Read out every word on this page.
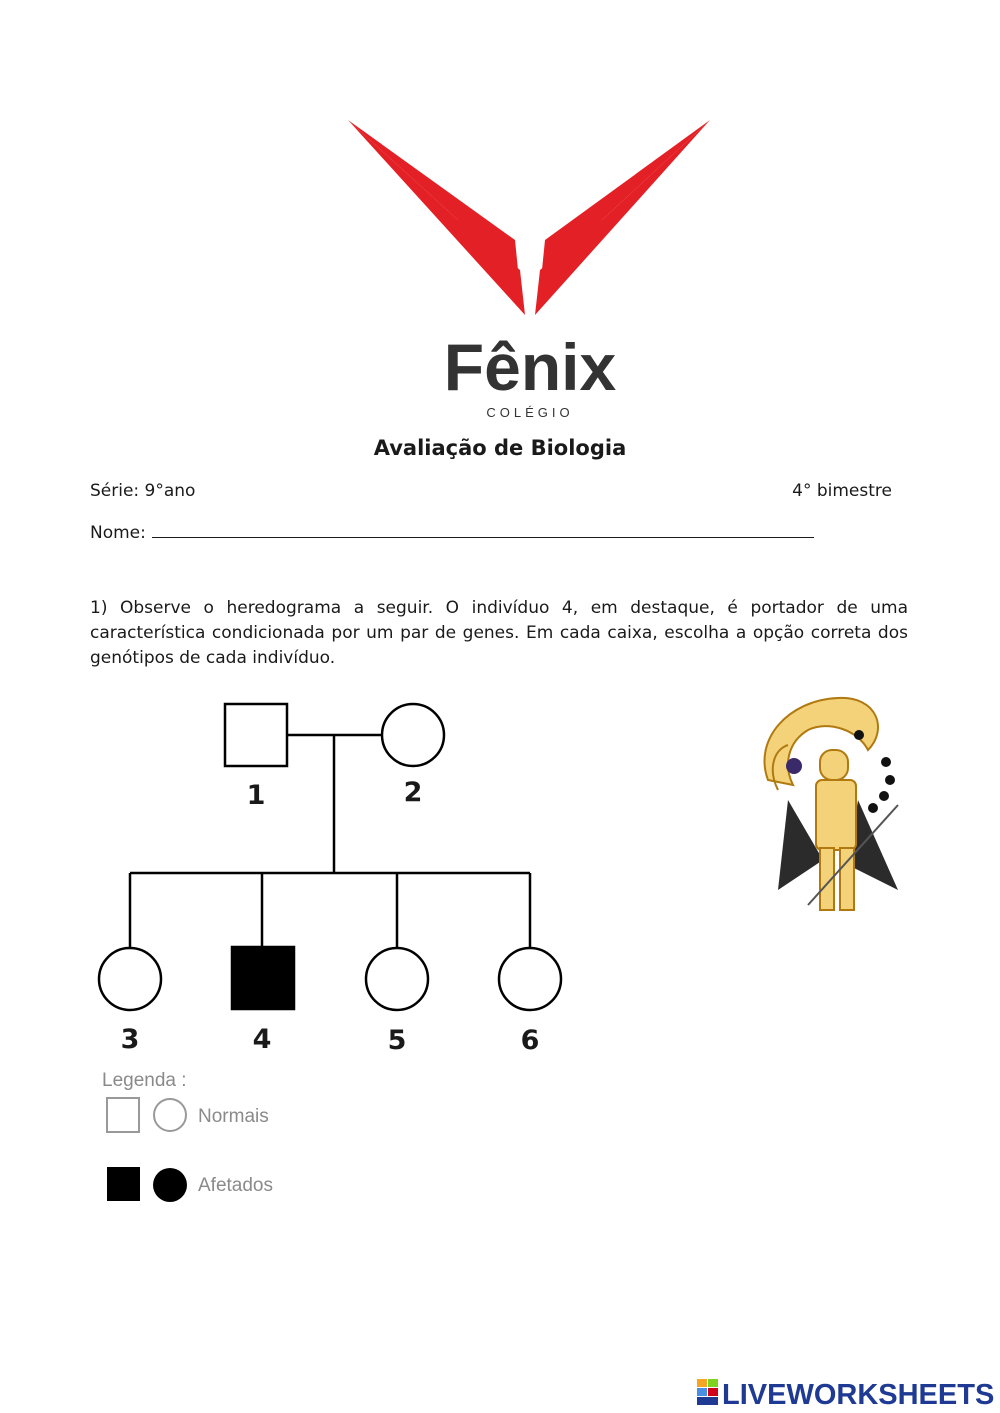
Fênix
COLÉGIO
Avaliação de Biologia
Série: 9°ano	4° bimestre
Nome:
1) Observe o heredograma a seguir. O indivíduo 4, em destaque, é portador de uma característica condicionada por um par de genes. Em cada caixa, escolha a opção correta dos genótipos de cada indivíduo.
1	2
3	4	5	6
Legenda :
Normais
Afetados
LIVEWORKSHEETS
